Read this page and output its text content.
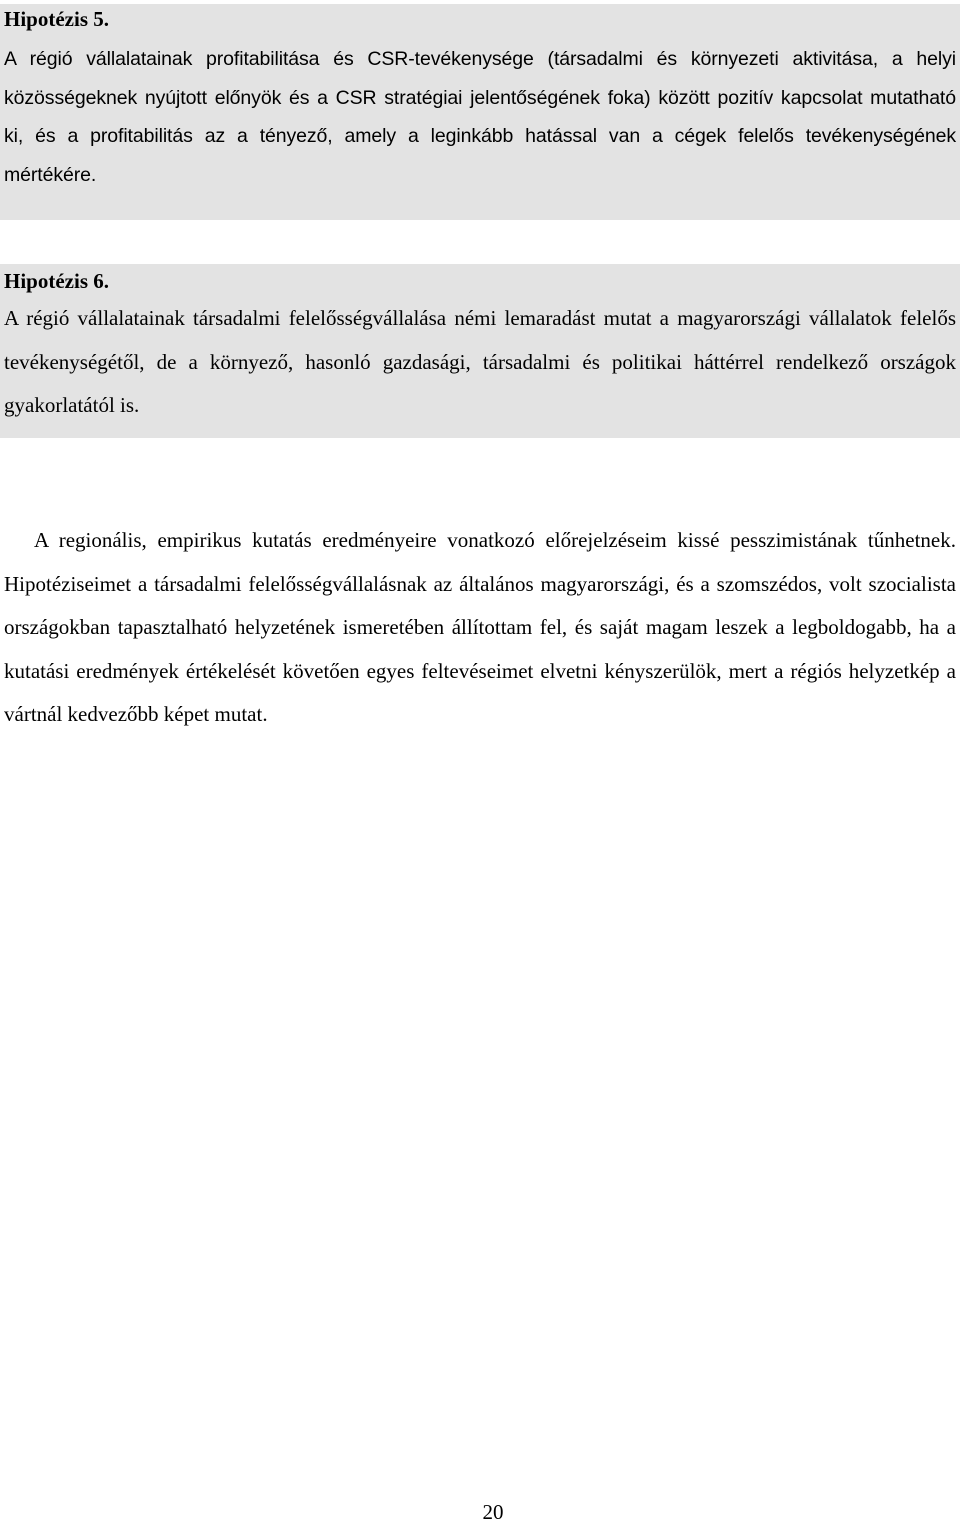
Hipotézis 5.

A régió vállalatainak profitabilitása és CSR-tevékenysége (társadalmi és környezeti aktivitása, a helyi közösségeknek nyújtott előnyök és a CSR stratégiai jelentőségének foka) között pozitív kapcsolat mutatható ki, és a profitabilitás az a tényező, amely a leginkább hatással van a cégek felelős tevékenységének mértékére.

Hipotézis 6.

A régió vállalatainak társadalmi felelősségvállalása némi lemaradást mutat a magyarországi vállalatok felelős tevékenységétől, de a környező, hasonló gazdasági, társadalmi és politikai háttérrel rendelkező országok gyakorlatától is.

A regionális, empirikus kutatás eredményeire vonatkozó előrejelzéseim kissé pesszimistának tűnhetnek. Hipotéziseimet a társadalmi felelősségvállalásnak az általános magyarországi, és a szomszédos, volt szocialista országokban tapasztalható helyzetének ismeretében állítottam fel, és saját magam leszek a legboldogabb, ha a kutatási eredmények értékelését követően egyes feltevéseimet elvetni kényszerülök, mert a régiós helyzetkép a vártnál kedvezőbb képet mutat.

20
